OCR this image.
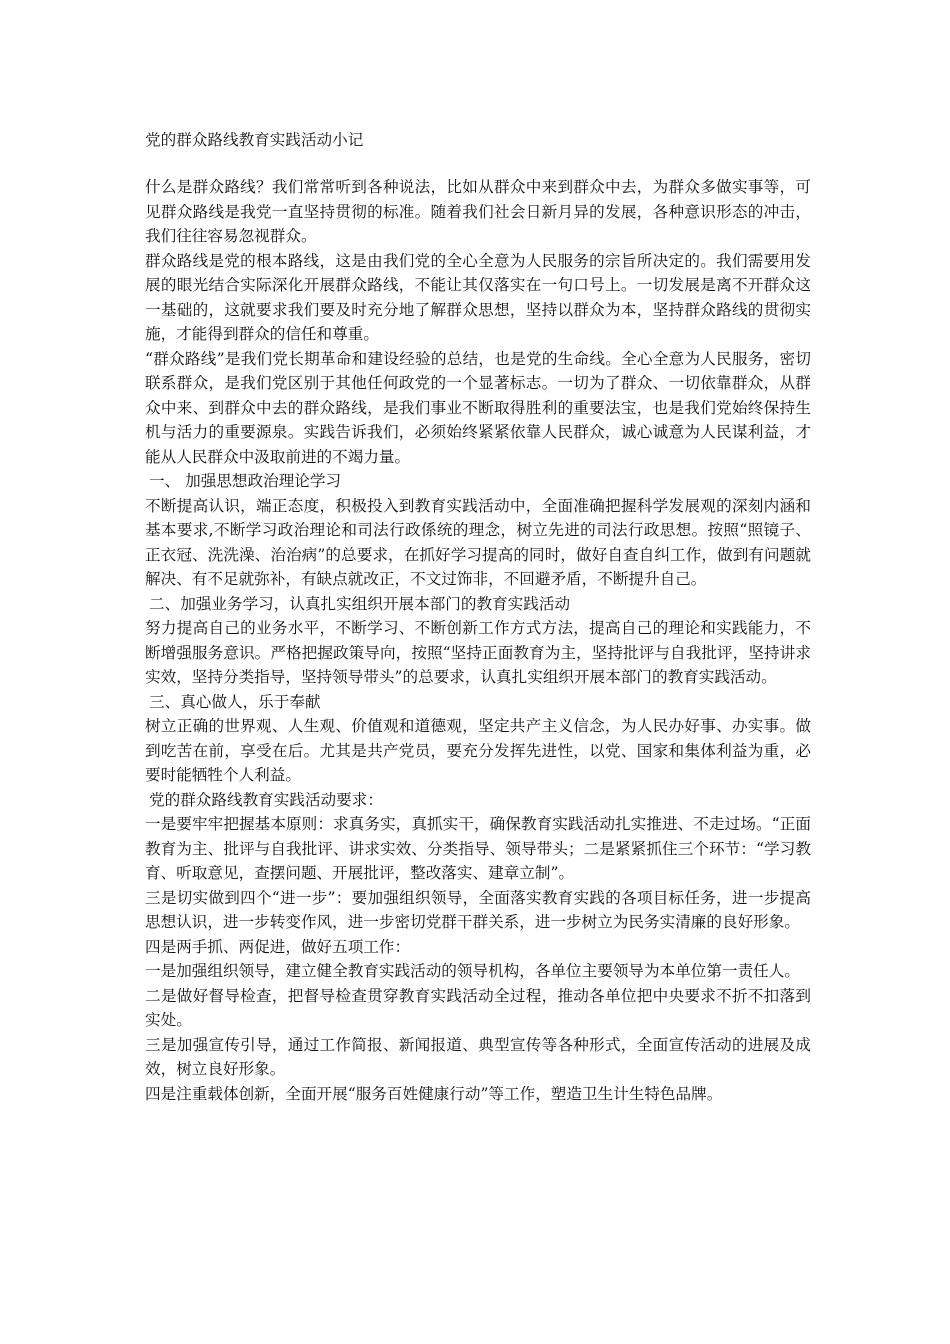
党的群众路线教育实践活动小记

什么是群众路线？我们常常听到各种说法，比如从群众中来到群众中去，为群众多做实事等，可见群众路线是我党一直坚持贯彻的标准。随着我们社会日新月异的发展，各种意识形态的冲击，我们往往容易忽视群众。

群众路线是党的根本路线，这是由我们党的全心全意为人民服务的宗旨所决定的。我们需要用发展的眼光结合实际深化开展群众路线，不能让其仅落实在一句口号上。一切发展是离不开群众这一基础的，这就要求我们要及时充分地了解群众思想，坚持以群众为本，坚持群众路线的贯彻实施，才能得到群众的信任和尊重。

“群众路线”是我们党长期革命和建设经验的总结，也是党的生命线。全心全意为人民服务，密切联系群众，是我们党区别于其他任何政党的一个显著标志。一切为了群众、一切依靠群众，从群众中来、到群众中去的群众路线，是我们事业不断取得胜利的重要法宝，也是我们党始终保持生机与活力的重要源泉。实践告诉我们，必须始终紧紧依靠人民群众，诚心诚意为人民谋利益，才能从人民群众中汲取前进的不竭力量。

一、 加强思想政治理论学习

不断提高认识，端正态度，积极投入到教育实践活动中，全面准确把握科学发展观的深刻内涵和基本要求,不断学习政治理论和司法行政係统的理念，树立先进的司法行政思想。按照“照镜子、正衣冠、洗洗澡、治治病”的总要求，在抓好学习提高的同时，做好自查自纠工作，做到有问题就解决、有不足就弥补，有缺点就改正，不文过饰非，不回避矛盾，不断提升自己。

二、加强业务学习，认真扎实组织开展本部门的教育实践活动

努力提高自己的业务水平，不断学习、不断创新工作方式方法，提高自己的理论和实践能力，不断增强服务意识。严格把握政策导向，按照“坚持正面教育为主，坚持批评与自我批评，坚持讲求实效，坚持分类指导，坚持领导带头”的总要求，认真扎实组织开展本部门的教育实践活动。

三、真心做人，乐于奉献

树立正确的世界观、人生观、价值观和道德观，坚定共产主义信念，为人民办好事、办实事。做到吃苦在前，享受在后。尤其是共产党员，要充分发挥先进性，以党、国家和集体利益为重，必要时能牺牲个人利益。

党的群众路线教育实践活动要求：

一是要牢牢把握基本原则：求真务实，真抓实干，确保教育实践活动扎实推进、不走过场。“正面教育为主、批评与自我批评、讲求实效、分类指导、领导带头；二是紧紧抓住三个环节：“学习教育、听取意见，查摆问题、开展批评，整改落实、建章立制”。

三是切实做到四个“进一步”：要加强组织领导，全面落实教育实践的各项目标任务，进一步提高思想认识，进一步转变作风，进一步密切党群干群关系，进一步树立为民务实清廉的良好形象。

四是两手抓、两促进，做好五项工作：

一是加强组织领导，建立健全教育实践活动的领导机构，各单位主要领导为本单位第一责任人。

二是做好督导检查，把督导检查贯穿教育实践活动全过程，推动各单位把中央要求不折不扣落到实处。

三是加强宣传引导，通过工作简报、新闻报道、典型宣传等各种形式，全面宣传活动的进展及成效，树立良好形象。

四是注重载体创新，全面开展“服务百姓健康行动”等工作，塑造卫生计生特色品牌。
